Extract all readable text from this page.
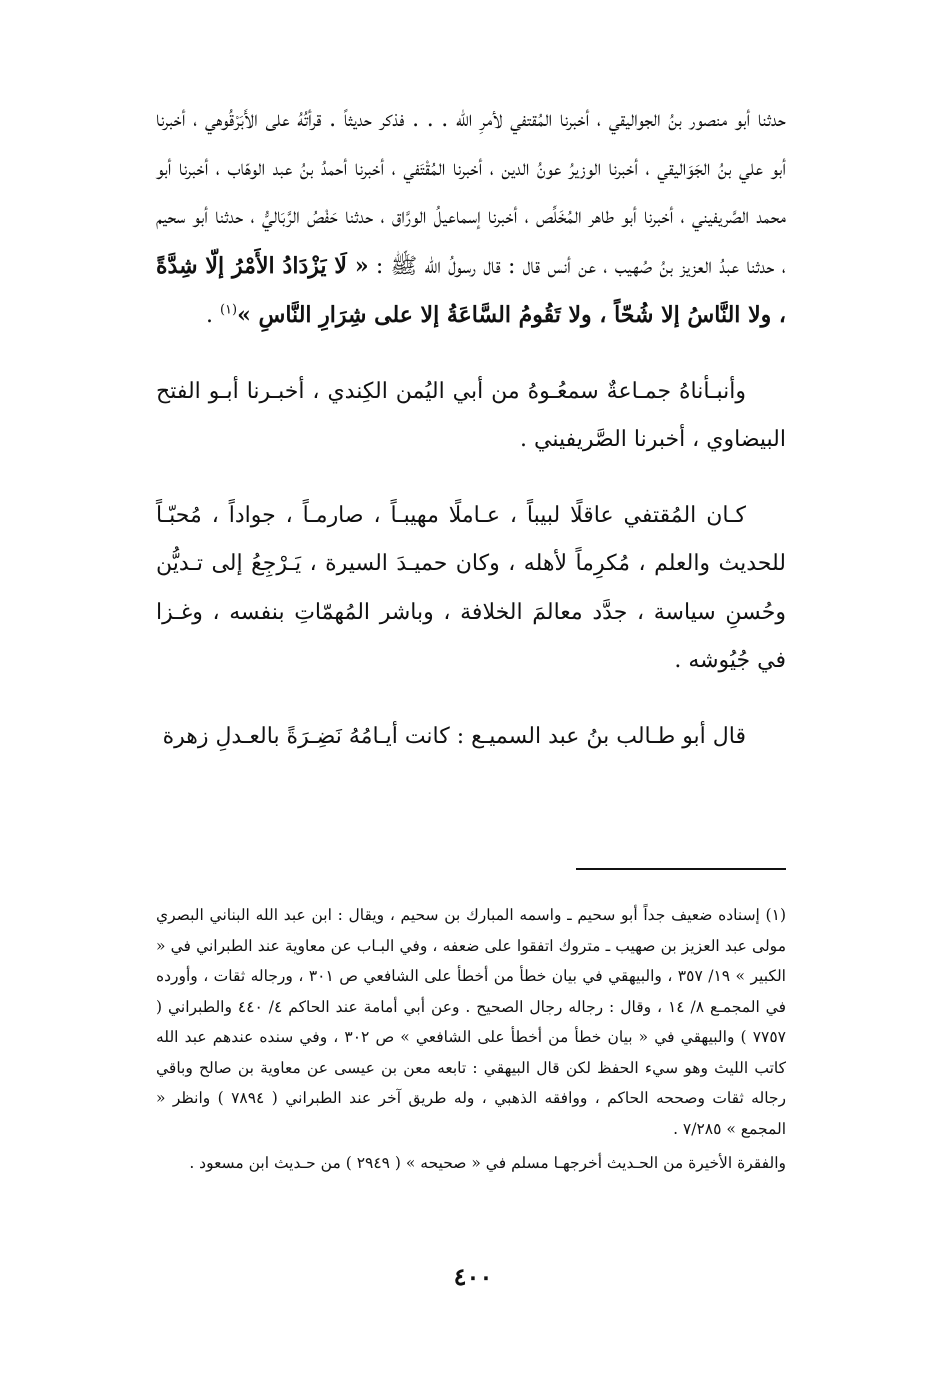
حدثنا أبو منصور بنُ الجواليقي ، أخبرنا المُقتفي لأمرِ الله . . . فذكر حديثاً . قرأتُهُ على الأَبَرْقُوهي ، أخبرنا أبو علي بنُ الجَوَاليقي ، أخبرنا الوزيرُ عونُ الدين ، أخبرنا المُقْتَفي ، أخبرنا أحمدُ بنُ عبد الوهّاب ، أخبرنا أبو محمد الصَّريفيني ، أخبرنا أبو طاهر المُخَلِّص ، أخبرنا إسماعيلُ الورَّاق ، حدثنا حَفْصُ الرَّبَاليُّ ، حدثنا أبو سحيم ، حدثنا عبدُ العزيز بنُ صُهيب ، عن أنس قال : قال رسولُ الله ﷺ : « لَا يَزْدَادُ الأَمْرُ إلّا شِدَّةً ، ولا النَّاسُ إلا شُحّاً ، ولا تَقُومُ السَّاعَةُ إلا على شِرَارِ النَّاسِ »$^{(١)}$ .

وأنبـأناهُ جمـاعةٌ سمعُـوهُ من أبي اليُمن الكِندي ، أخبـرنا أبـو الفتح البيضاوي ، أخبرنا الصَّريفيني .

كـان المُقتفي عاقلًا لبيباً ، عـاملًا مهيبـاً ، صارمـاً ، جواداً ، مُحبّـاً للحديث والعلم ، مُكرِماً لأهله ، وكان حميـدَ السيرة ، يَـرْجِعُ إلى تـديُّن وحُسنِ سياسة ، جدَّد معالمَ الخلافة ، وباشر المُهمّاتِ بنفسه ، وغـزا في جُيُوشه .

قال أبو طـالب بنُ عبد السميـع : كانت أيـامُهُ نَضِـرَةً بالعـدلِ زهرة

(١) إسناده ضعيف جداً أبو سحيم ـ واسمه المبارك بن سحيم ، ويقال : ابن عبد الله البناني البصري مولى عبد العزيز بن صهيب ـ متروك اتفقوا على ضعفه ، وفي البـاب عن معاوية عند الطبراني في « الكبير » ١٩/ ٣٥٧ ، والبيهقي في بيان خطأ من أخطأ على الشافعي ص ٣٠١ ، ورجاله ثقات ، وأورده في المجمـع ٨/ ١٤ ، وقال : رجاله رجال الصحيح . وعن أبي أمامة عند الحاكم ٤/ ٤٤٠ والطبراني ( ٧٧٥٧ ) والبيهقي في « بيان خطأ من أخطأ على الشافعي » ص ٣٠٢ ، وفي سنده عندهم عبد الله كاتب الليث وهو سيء الحفظ لكن قال البيهقي : تابعه معن بن عيسى عن معاوية بن صالح وباقي رجاله ثقات وصححه الحاكم ، ووافقه الذهبي ، وله طريق آخر عند الطبراني ( ٧٨٩٤ ) وانظر « المجمع » ٧/٢٨٥ .

والفقرة الأخيرة من الحـديث أخرجهـا مسلم في « صحيحه » ( ٢٩٤٩ ) من حـديث ابن مسعود .

٤٠٠
